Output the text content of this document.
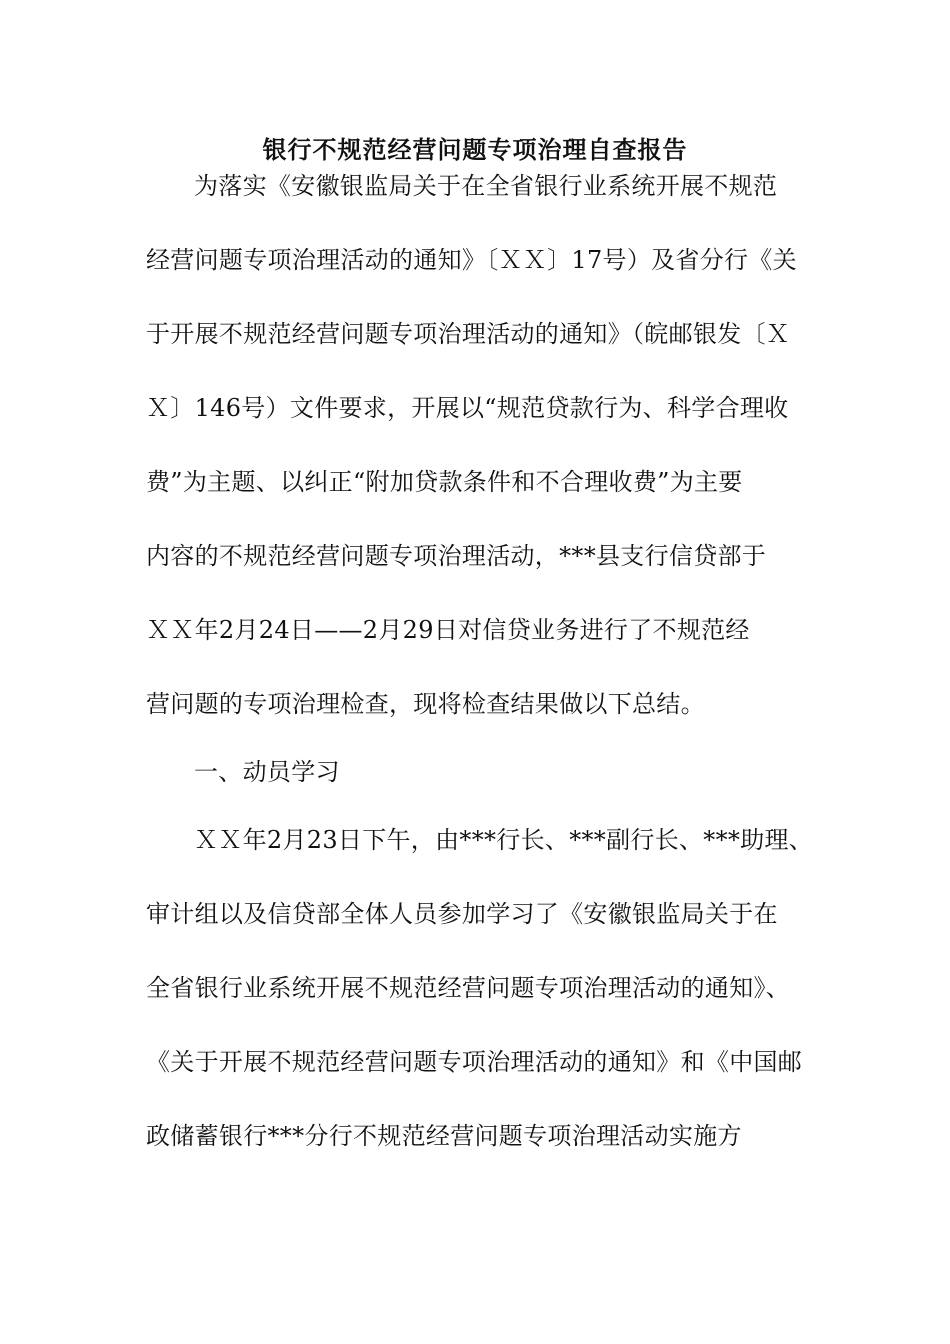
银行不规范经营问题专项治理自查报告
为落实《安徽银监局关于在全省银行业系统开展不规范
经营问题专项治理活动的通知》〔ＸＸ〕17号）及省分行《关
于开展不规范经营问题专项治理活动的通知》（皖邮银发〔Ｘ
Ｘ〕146号）文件要求，开展以“规范贷款行为、科学合理收
费”为主题、以纠正“附加贷款条件和不合理收费”为主要
内容的不规范经营问题专项治理活动，***县支行信贷部于
ＸＸ年2月24日——2月29日对信贷业务进行了不规范经
营问题的专项治理检查，现将检查结果做以下总结。
一、动员学习
ＸＸ年2月23日下午，由***行长、***副行长、***助理、
审计组以及信贷部全体人员参加学习了《安徽银监局关于在
全省银行业系统开展不规范经营问题专项治理活动的通知》、
《关于开展不规范经营问题专项治理活动的通知》和《中国邮
政储蓄银行***分行不规范经营问题专项治理活动实施方
